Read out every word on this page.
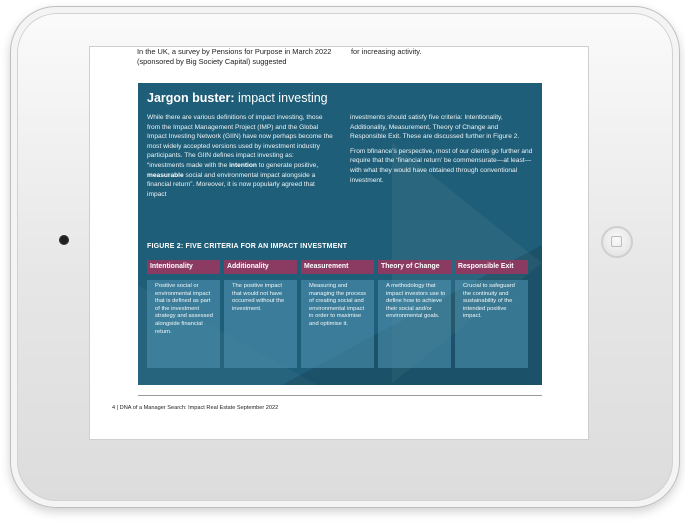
In the UK, a survey by Pensions for Purpose in March 2022 (sponsored by Big Society Capital) suggested
for increasing activity.
Jargon buster: impact investing
While there are various definitions of impact investing, those from the Impact Management Project (IMP) and the Global Impact Investing Network (GIIN) have now perhaps become the most widely accepted versions used by investment industry participants. The GIIN defines impact investing as: “investments made with the intention to generate positive, measurable social and environmental impact alongside a financial return”. Moreover, it is now popularly agreed that impact

investments should satisfy five criteria: Intentionality, Additionality, Measurement, Theory of Change and Responsible Exit. These are discussed further in Figure 2.

From bfinance’s perspective, most of our clients go further and require that the ‘financial return’ be commensurate—at least—with what they would have obtained through conventional investment.

FIGURE 2: FIVE CRITERIA FOR AN IMPACT INVESTMENT
Intentionality
Positive social or environmental impact that is defined as part of the investment strategy and assessed alongside financial return.
Additionality
The positive impact that would not have occurred without the investment.
Measurement
Measuring and managing the process of creating social and environmental impact in order to maximise and optimise it.
Theory of Change
A methodology that impact investors use to define how to achieve their social and/or environmental goals.
Responsible Exit
Crucial to safeguard the continuity and sustainability of the intended positive impact.
4 | DNA of a Manager Search: Impact Real Estate September 2022
